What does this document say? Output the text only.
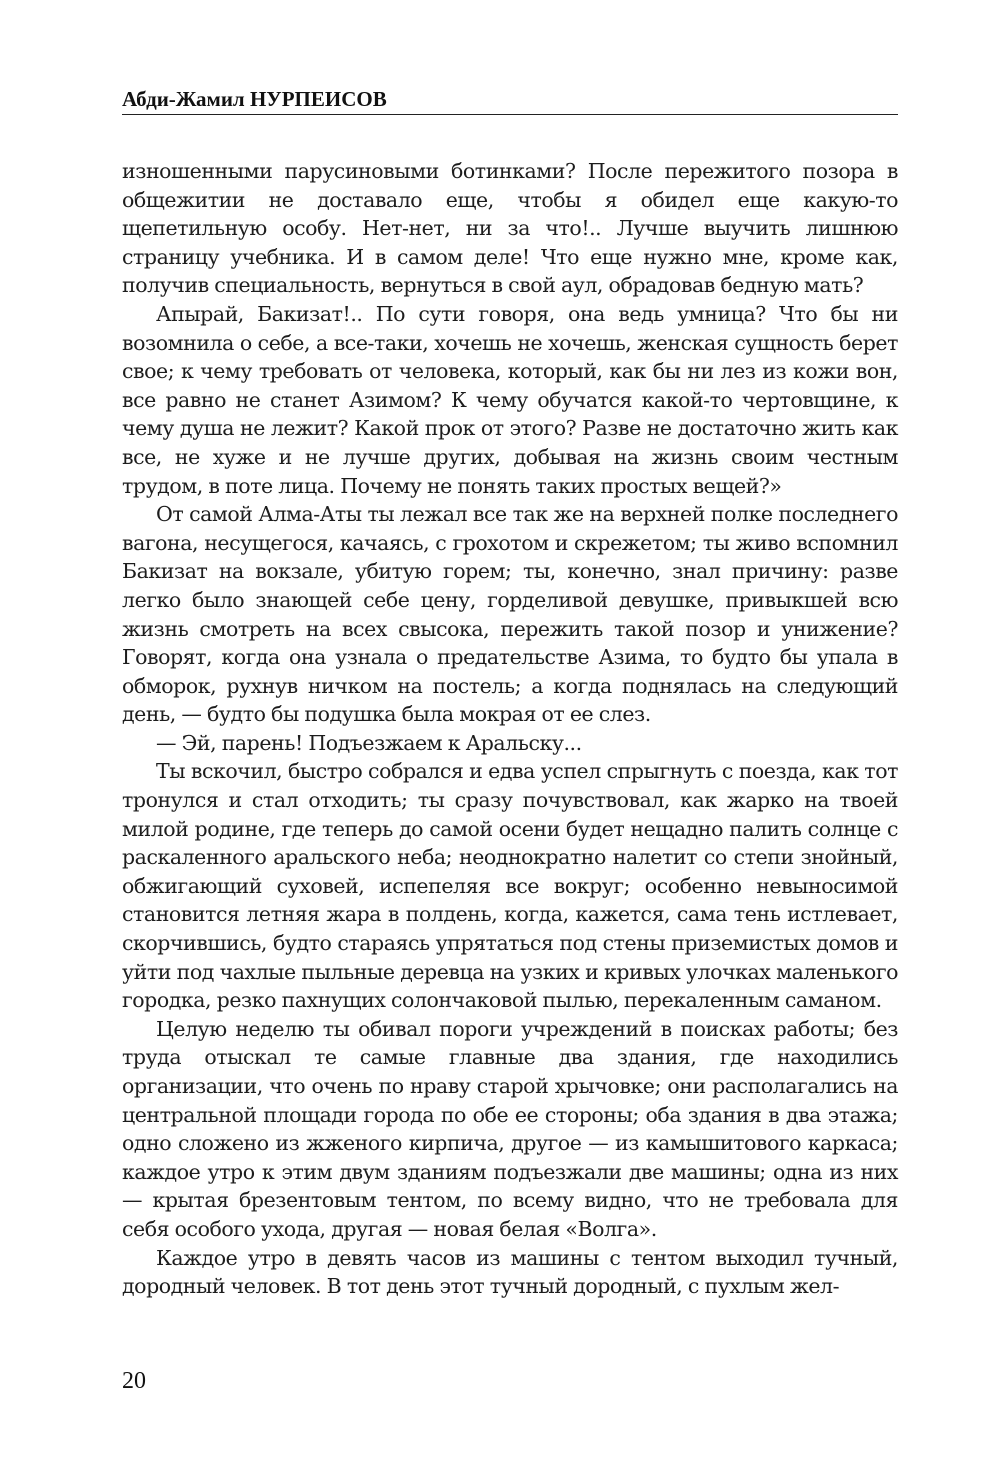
Абди-Жамил НУРПЕИСОВ

изношенными парусиновыми ботинками? После пережитого позора в общежитии не доставало еще, чтобы я обидел еще какую-то щепетильную особу. Нет-нет, ни за что!.. Лучше выучить лишнюю страницу учебника. И в самом деле! Что еще нужно мне, кроме как, получив специальность, вернуться в свой аул, обрадовав бедную мать?

Апырай, Бакизат!.. По сути говоря, она ведь умница? Что бы ни возомнила о себе, а все-таки, хочешь не хочешь, женская сущность берет свое; к чему требовать от человека, который, как бы ни лез из кожи вон, все равно не станет Азимом? К чему обучатся какой-то чертовщине, к чему душа не лежит? Какой прок от этого? Разве не достаточно жить как все, не хуже и не лучше других, добывая на жизнь своим честным трудом, в поте лица. Почему не понять таких простых вещей?»

От самой Алма-Аты ты лежал все так же на верхней полке последнего вагона, несущегося, качаясь, с грохотом и скрежетом; ты живо вспомнил Бакизат на вокзале, убитую горем; ты, конечно, знал причину: разве легко было знающей себе цену, горделивой девушке, привыкшей всю жизнь смотреть на всех свысока, пережить такой позор и унижение? Говорят, когда она узнала о предательстве Азима, то будто бы упала в обморок, рухнув ничком на постель; а когда поднялась на следующий день, — будто бы подушка была мокрая от ее слез.

— Эй, парень! Подъезжаем к Аральску...

Ты вскочил, быстро собрался и едва успел спрыгнуть с поезда, как тот тронулся и стал отходить; ты сразу почувствовал, как жарко на твоей милой родине, где теперь до самой осени будет нещадно палить солнце с раскаленного аральского неба; неоднократно налетит со степи знойный, обжигающий суховей, испепеляя все вокруг; особенно невыносимой становится летняя жара в полдень, когда, кажется, сама тень истлевает, скорчившись, будто стараясь упрятаться под стены приземистых домов и уйти под чахлые пыльные деревца на узких и кривых улочках маленького городка, резко пахнущих солончаковой пылью, перекаленным саманом.

Целую неделю ты обивал пороги учреждений в поисках работы; без труда отыскал те самые главные два здания, где находились организации, что очень по нраву старой хрычовке; они располагались на центральной площади города по обе ее стороны; оба здания в два этажа; одно сложено из жженого кирпича, другое — из камышитового каркаса; каждое утро к этим двум зданиям подъезжали две машины; одна из них — крытая брезентовым тентом, по всему видно, что не требовала для себя особого ухода, другая — новая белая «Волга».

Каждое утро в девять часов из машины с тентом выходил тучный, дородный человек. В тот день этот тучный дородный, с пухлым жел-

20
